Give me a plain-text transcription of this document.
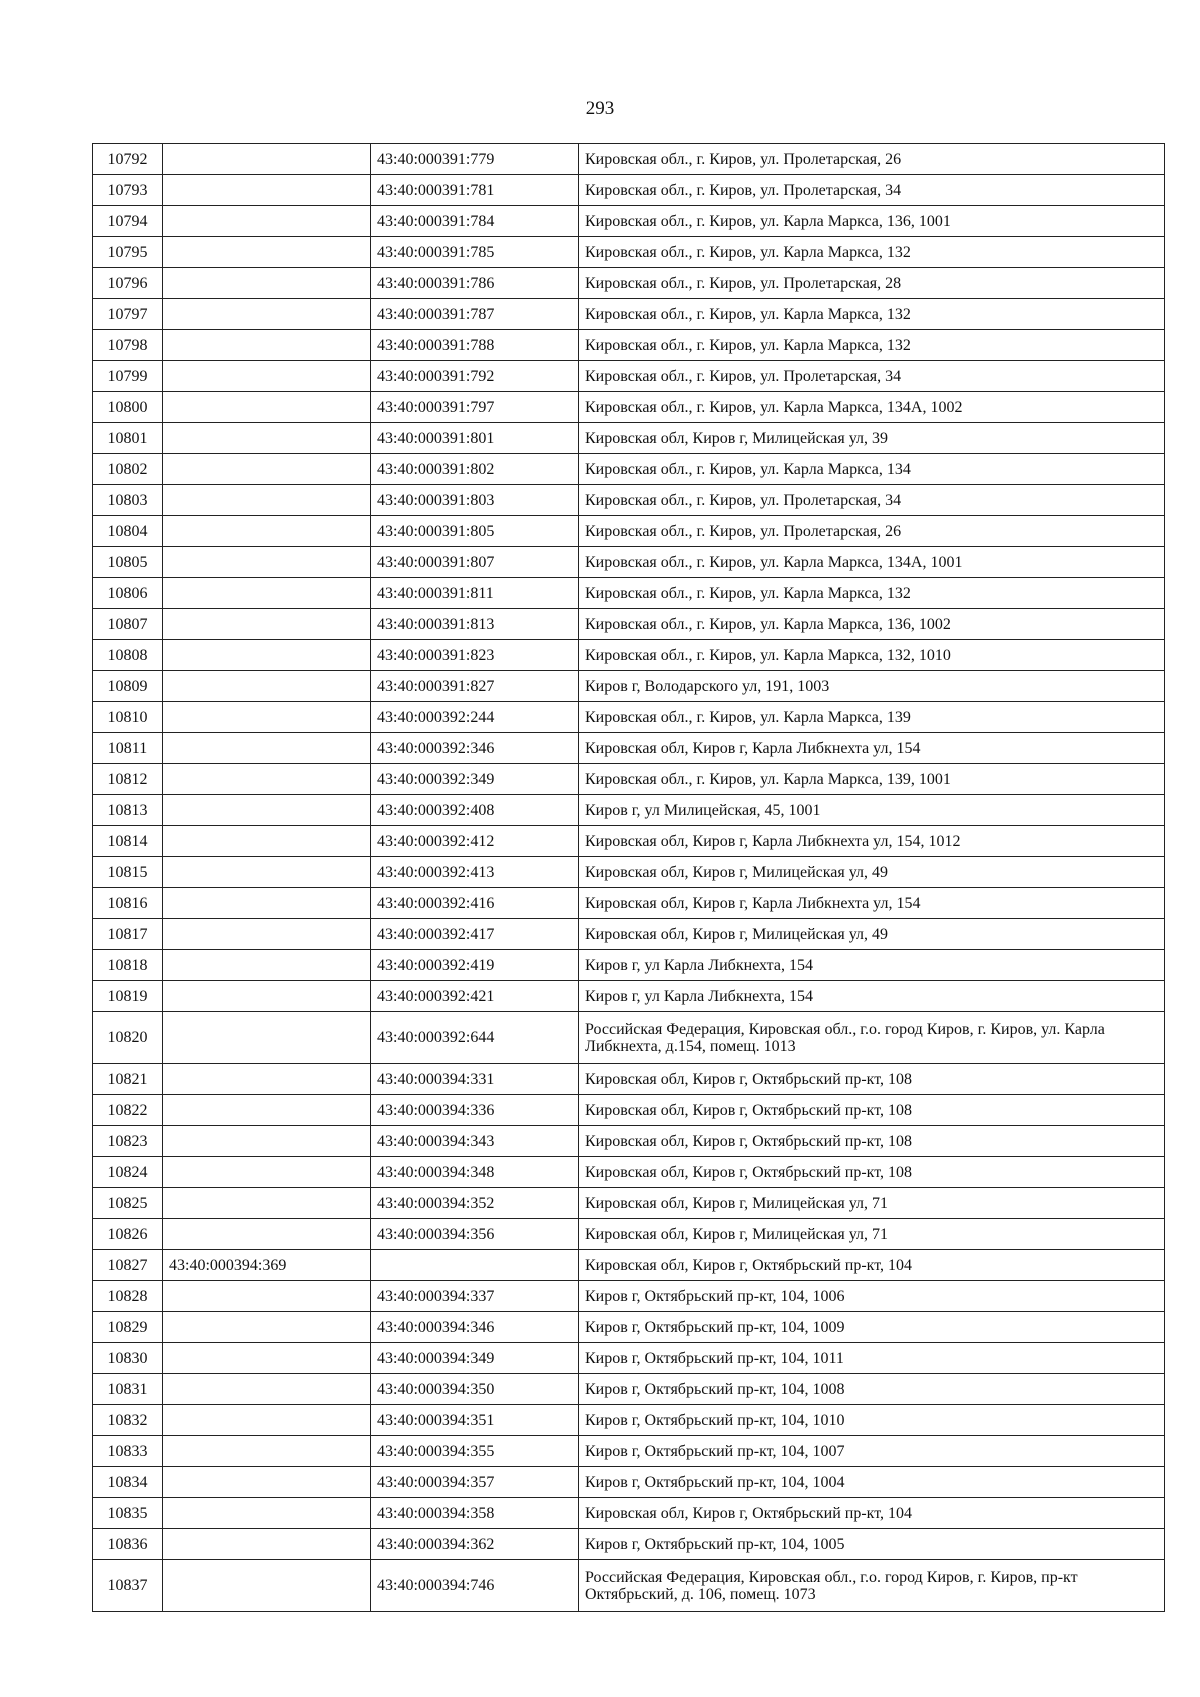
293
10792		43:40:000391:779	Кировская обл., г. Киров, ул. Пролетарская, 26
10793		43:40:000391:781	Кировская обл., г. Киров, ул. Пролетарская, 34
10794		43:40:000391:784	Кировская обл., г. Киров, ул. Карла Маркса, 136, 1001
10795		43:40:000391:785	Кировская обл., г. Киров, ул. Карла Маркса, 132
10796		43:40:000391:786	Кировская обл., г. Киров, ул. Пролетарская, 28
10797		43:40:000391:787	Кировская обл., г. Киров, ул. Карла Маркса, 132
10798		43:40:000391:788	Кировская обл., г. Киров, ул. Карла Маркса, 132
10799		43:40:000391:792	Кировская обл., г. Киров, ул. Пролетарская, 34
10800		43:40:000391:797	Кировская обл., г. Киров, ул. Карла Маркса, 134А, 1002
10801		43:40:000391:801	Кировская обл, Киров г, Милицейская ул, 39
10802		43:40:000391:802	Кировская обл., г. Киров, ул. Карла Маркса, 134
10803		43:40:000391:803	Кировская обл., г. Киров, ул. Пролетарская, 34
10804		43:40:000391:805	Кировская обл., г. Киров, ул. Пролетарская, 26
10805		43:40:000391:807	Кировская обл., г. Киров, ул. Карла Маркса, 134А, 1001
10806		43:40:000391:811	Кировская обл., г. Киров, ул. Карла Маркса, 132
10807		43:40:000391:813	Кировская обл., г. Киров, ул. Карла Маркса, 136, 1002
10808		43:40:000391:823	Кировская обл., г. Киров, ул. Карла Маркса, 132, 1010
10809		43:40:000391:827	Киров г, Володарского ул, 191, 1003
10810		43:40:000392:244	Кировская обл., г. Киров, ул. Карла Маркса, 139
10811		43:40:000392:346	Кировская обл, Киров г, Карла Либкнехта ул, 154
10812		43:40:000392:349	Кировская обл., г. Киров, ул. Карла Маркса, 139, 1001
10813		43:40:000392:408	Киров г, ул Милицейская, 45, 1001
10814		43:40:000392:412	Кировская обл, Киров г, Карла Либкнехта ул, 154, 1012
10815		43:40:000392:413	Кировская обл, Киров г, Милицейская ул, 49
10816		43:40:000392:416	Кировская обл, Киров г, Карла Либкнехта ул, 154
10817		43:40:000392:417	Кировская обл, Киров г, Милицейская ул, 49
10818		43:40:000392:419	Киров г, ул Карла Либкнехта, 154
10819		43:40:000392:421	Киров г, ул Карла Либкнехта, 154
10820		43:40:000392:644	Российская Федерация, Кировская обл., г.о. город Киров, г. Киров, ул. Карла Либкнехта, д.154, помещ. 1013
10821		43:40:000394:331	Кировская обл, Киров г, Октябрьский пр-кт, 108
10822		43:40:000394:336	Кировская обл, Киров г, Октябрьский пр-кт, 108
10823		43:40:000394:343	Кировская обл, Киров г, Октябрьский пр-кт, 108
10824		43:40:000394:348	Кировская обл, Киров г, Октябрьский пр-кт, 108
10825		43:40:000394:352	Кировская обл, Киров г, Милицейская ул, 71
10826		43:40:000394:356	Кировская обл, Киров г, Милицейская ул, 71
10827	43:40:000394:369		Кировская обл, Киров г, Октябрьский пр-кт, 104
10828		43:40:000394:337	Киров г, Октябрьский пр-кт, 104, 1006
10829		43:40:000394:346	Киров г, Октябрьский пр-кт, 104, 1009
10830		43:40:000394:349	Киров г, Октябрьский пр-кт, 104, 1011
10831		43:40:000394:350	Киров г, Октябрьский пр-кт, 104, 1008
10832		43:40:000394:351	Киров г, Октябрьский пр-кт, 104, 1010
10833		43:40:000394:355	Киров г, Октябрьский пр-кт, 104, 1007
10834		43:40:000394:357	Киров г, Октябрьский пр-кт, 104, 1004
10835		43:40:000394:358	Кировская обл, Киров г, Октябрьский пр-кт, 104
10836		43:40:000394:362	Киров г, Октябрьский пр-кт, 104, 1005
10837		43:40:000394:746	Российская Федерация, Кировская обл., г.о. город Киров, г. Киров, пр-кт Октябрьский, д. 106, помещ. 1073
